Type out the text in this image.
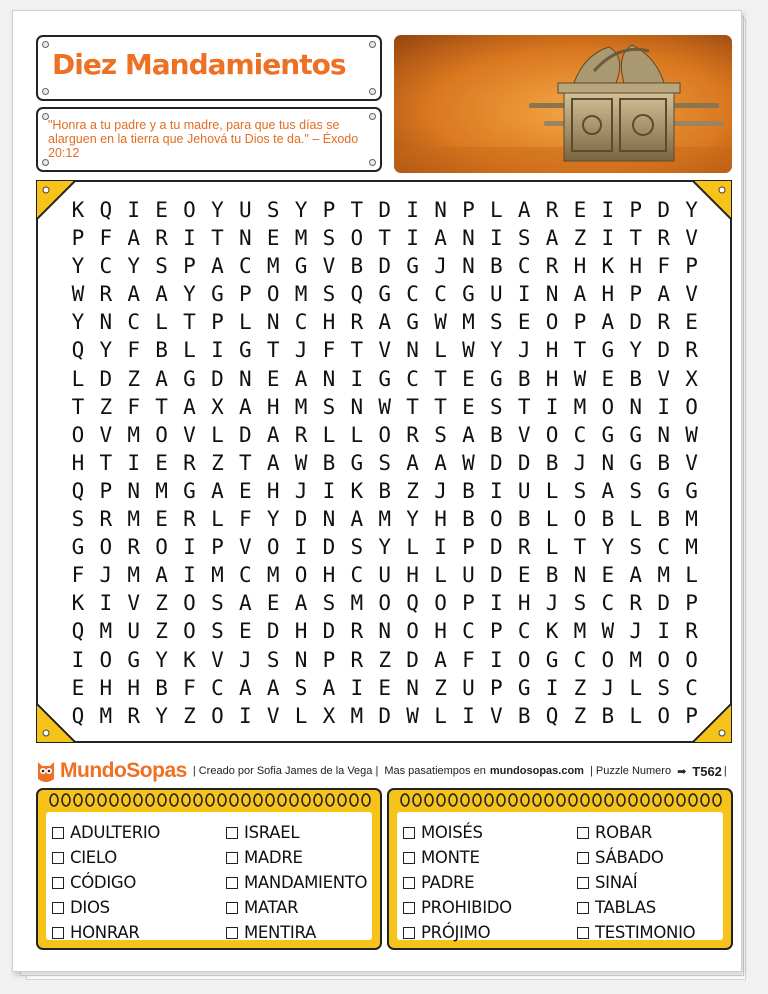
Diez Mandamientos
"Honra a tu padre y a tu madre, para que tus días se alarguen en la tierra que Jehová tu Dios te da." – Éxodo 20:12
K Q I E O Y U S Y P T D I N P L A R E I P D Y
P F A R I T N E M S O T I A N I S A Z I T R V
Y C Y S P A C M G V B D G J N B C R H K H F P
W R A A Y G P O M S Q G C C G U I N A H P A V
Y N C L T P L N C H R A G W M S E O P A D R E
Q Y F B L I G T J F T V N L W Y J H T G Y D R
L D Z A G D N E A N I G C T E G B H W E B V X
T Z F T A X A H M S N W T T E S T I M O N I O
O V M O V L D A R L L O R S A B V O C G G N W
H T I E R Z T A W B G S A A W D D B J N G B V
Q P N M G A E H J I K B Z J B I U L S A S G G
S R M E R L F Y D N A M Y H B O B L O B L B M
G O R O I P V O I D S Y L I P D R L T Y S C M
F J M A I M C M O H C U H L U D E B N E A M L
K I V Z O S A E A S M O Q O P I H J S C R D P
Q M U Z O S E D H D R N O H C P C K M W J I R
I O G Y K V J S N P R Z D A F I O G C O M O O
E H H B F C A A S A I E N Z U P G I Z J L S C
Q M R Y Z O I V L X M D W L I V B Q Z B L O P
MundoSopas | Creado por Sofia James de la Vega | Mas pasatiempos en mundosopas.com | Puzzle Numero ➡ T562 |
ADULTERIO
CIELO
CÓDIGO
DIOS
HONRAR
ISRAEL
MADRE
MANDAMIENTO
MATAR
MENTIRA
MOISÉS
MONTE
PADRE
PROHIBIDO
PRÓJIMO
ROBAR
SÁBADO
SINAÍ
TABLAS
TESTIMONIO
